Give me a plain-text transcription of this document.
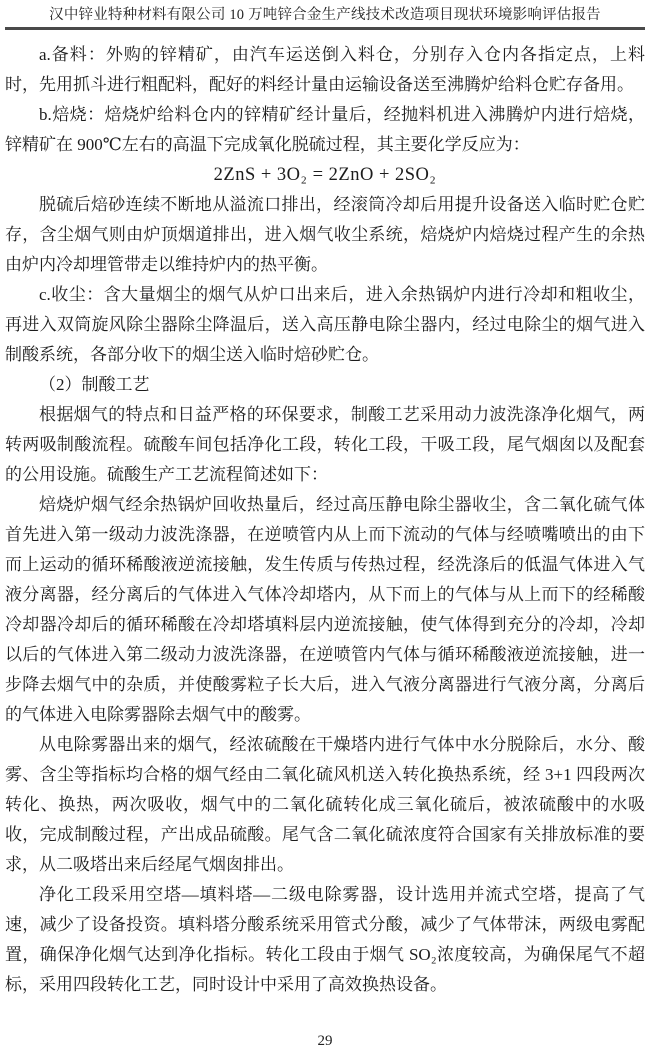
汉中锌业特种材料有限公司 10 万吨锌合金生产线技术改造项目现状环境影响评估报告

a.备料：外购的锌精矿，由汽车运送倒入料仓，分别存入仓内各指定点，上料时，先用抓斗进行粗配料，配好的料经计量由运输设备送至沸腾炉给料仓贮存备用。

b.焙烧：焙烧炉给料仓内的锌精矿经计量后，经抛料机进入沸腾炉内进行焙烧，锌精矿在 900℃左右的高温下完成氧化脱硫过程，其主要化学反应为：

2ZnS + 3O₂ = 2ZnO + 2SO₂

脱硫后焙砂连续不断地从溢流口排出，经滚筒冷却后用提升设备送入临时贮仓贮存，含尘烟气则由炉顶烟道排出，进入烟气收尘系统，焙烧炉内焙烧过程产生的余热由炉内冷却埋管带走以维持炉内的热平衡。

c.收尘：含大量烟尘的烟气从炉口出来后，进入余热锅炉内进行冷却和粗收尘，再进入双筒旋风除尘器除尘降温后，送入高压静电除尘器内，经过电除尘的烟气进入制酸系统，各部分收下的烟尘送入临时焙砂贮仓。

（2）制酸工艺

根据烟气的特点和日益严格的环保要求，制酸工艺采用动力波洗涤净化烟气，两转两吸制酸流程。硫酸车间包括净化工段，转化工段，干吸工段，尾气烟囱以及配套的公用设施。硫酸生产工艺流程简述如下：

焙烧炉烟气经余热锅炉回收热量后，经过高压静电除尘器收尘，含二氧化硫气体首先进入第一级动力波洗涤器，在逆喷管内从上而下流动的气体与经喷嘴喷出的由下而上运动的循环稀酸液逆流接触，发生传质与传热过程，经洗涤后的低温气体进入气液分离器，经分离后的气体进入气体冷却塔内，从下而上的气体与从上而下的经稀酸冷却器冷却后的循环稀酸在冷却塔填料层内逆流接触，使气体得到充分的冷却，冷却以后的气体进入第二级动力波洗涤器，在逆喷管内气体与循环稀酸液逆流接触，进一步降去烟气中的杂质，并使酸雾粒子长大后，进入气液分离器进行气液分离，分离后的气体进入电除雾器除去烟气中的酸雾。

从电除雾器出来的烟气，经浓硫酸在干燥塔内进行气体中水分脱除后，水分、酸雾、含尘等指标均合格的烟气经由二氧化硫风机送入转化换热系统，经 3+1 四段两次转化、换热，两次吸收，烟气中的二氧化硫转化成三氧化硫后，被浓硫酸中的水吸收，完成制酸过程，产出成品硫酸。尾气含二氧化硫浓度符合国家有关排放标准的要求，从二吸塔出来后经尾气烟囱排出。

净化工段采用空塔—填料塔—二级电除雾器，设计选用并流式空塔，提高了气速，减少了设备投资。填料塔分酸系统采用管式分酸，减少了气体带沫，两级电雾配置，确保净化烟气达到净化指标。转化工段由于烟气 SO₂浓度较高，为确保尾气不超标，采用四段转化工艺，同时设计中采用了高效换热设备。

29
